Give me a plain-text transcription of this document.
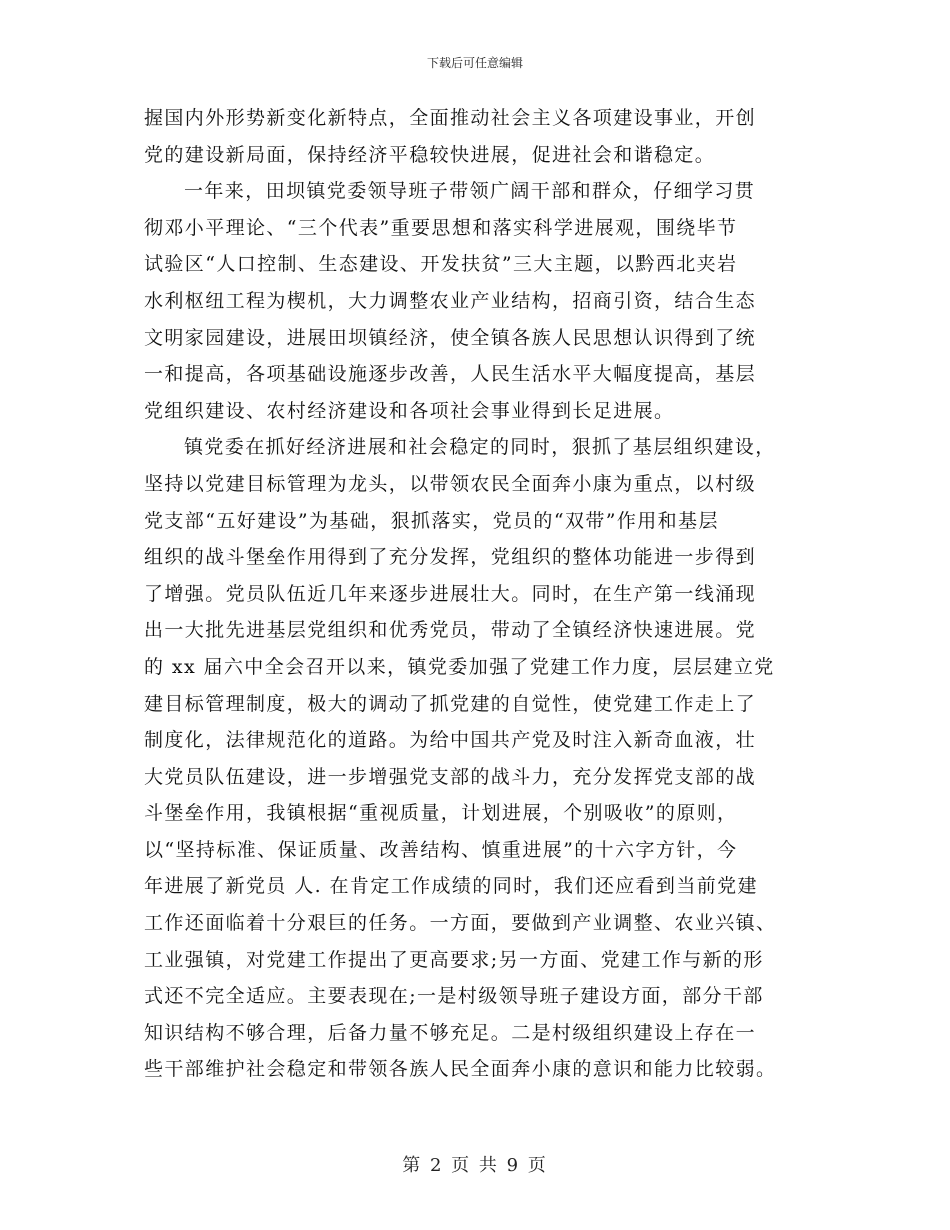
下载后可任意编辑
握国内外形势新变化新特点，全面推动社会主义各项建设事业，开创
党的建设新局面，保持经济平稳较快进展，促进社会和谐稳定。
一年来，田坝镇党委领导班子带领广阔干部和群众，仔细学习贯
彻邓小平理论、“三个代表”重要思想和落实科学进展观，围绕毕节
试验区“人口控制、生态建设、开发扶贫”三大主题，以黔西北夹岩
水利枢纽工程为楔机，大力调整农业产业结构，招商引资，结合生态
文明家园建设，进展田坝镇经济，使全镇各族人民思想认识得到了统
一和提高，各项基础设施逐步改善，人民生活水平大幅度提高，基层
党组织建设、农村经济建设和各项社会事业得到长足进展。
镇党委在抓好经济进展和社会稳定的同时，狠抓了基层组织建设，
坚持以党建目标管理为龙头，以带领农民全面奔小康为重点，以村级
党支部“五好建设”为基础，狠抓落实，党员的“双带”作用和基层
组织的战斗堡垒作用得到了充分发挥，党组织的整体功能进一步得到
了增强。党员队伍近几年来逐步进展壮大。同时，在生产第一线涌现
出一大批先进基层党组织和优秀党员，带动了全镇经济快速进展。党
的 xx 届六中全会召开以来，镇党委加强了党建工作力度，层层建立党
建目标管理制度，极大的调动了抓党建的自觉性，使党建工作走上了
制度化，法律规范化的道路。为给中国共产党及时注入新奇血液，壮
大党员队伍建设，进一步增强党支部的战斗力，充分发挥党支部的战
斗堡垒作用，我镇根据“重视质量，计划进展，个别吸收”的原则，
以“坚持标准、保证质量、改善结构、慎重进展”的十六字方针，今
年进展了新党员 人. 在肯定工作成绩的同时，我们还应看到当前党建
工作还面临着十分艰巨的任务。一方面，要做到产业调整、农业兴镇、
工业强镇，对党建工作提出了更高要求;另一方面、党建工作与新的形
式还不完全适应。主要表现在;一是村级领导班子建设方面，部分干部
知识结构不够合理，后备力量不够充足。二是村级组织建设上存在一
些干部维护社会稳定和带领各族人民全面奔小康的意识和能力比较弱。
第 2 页 共 9 页
